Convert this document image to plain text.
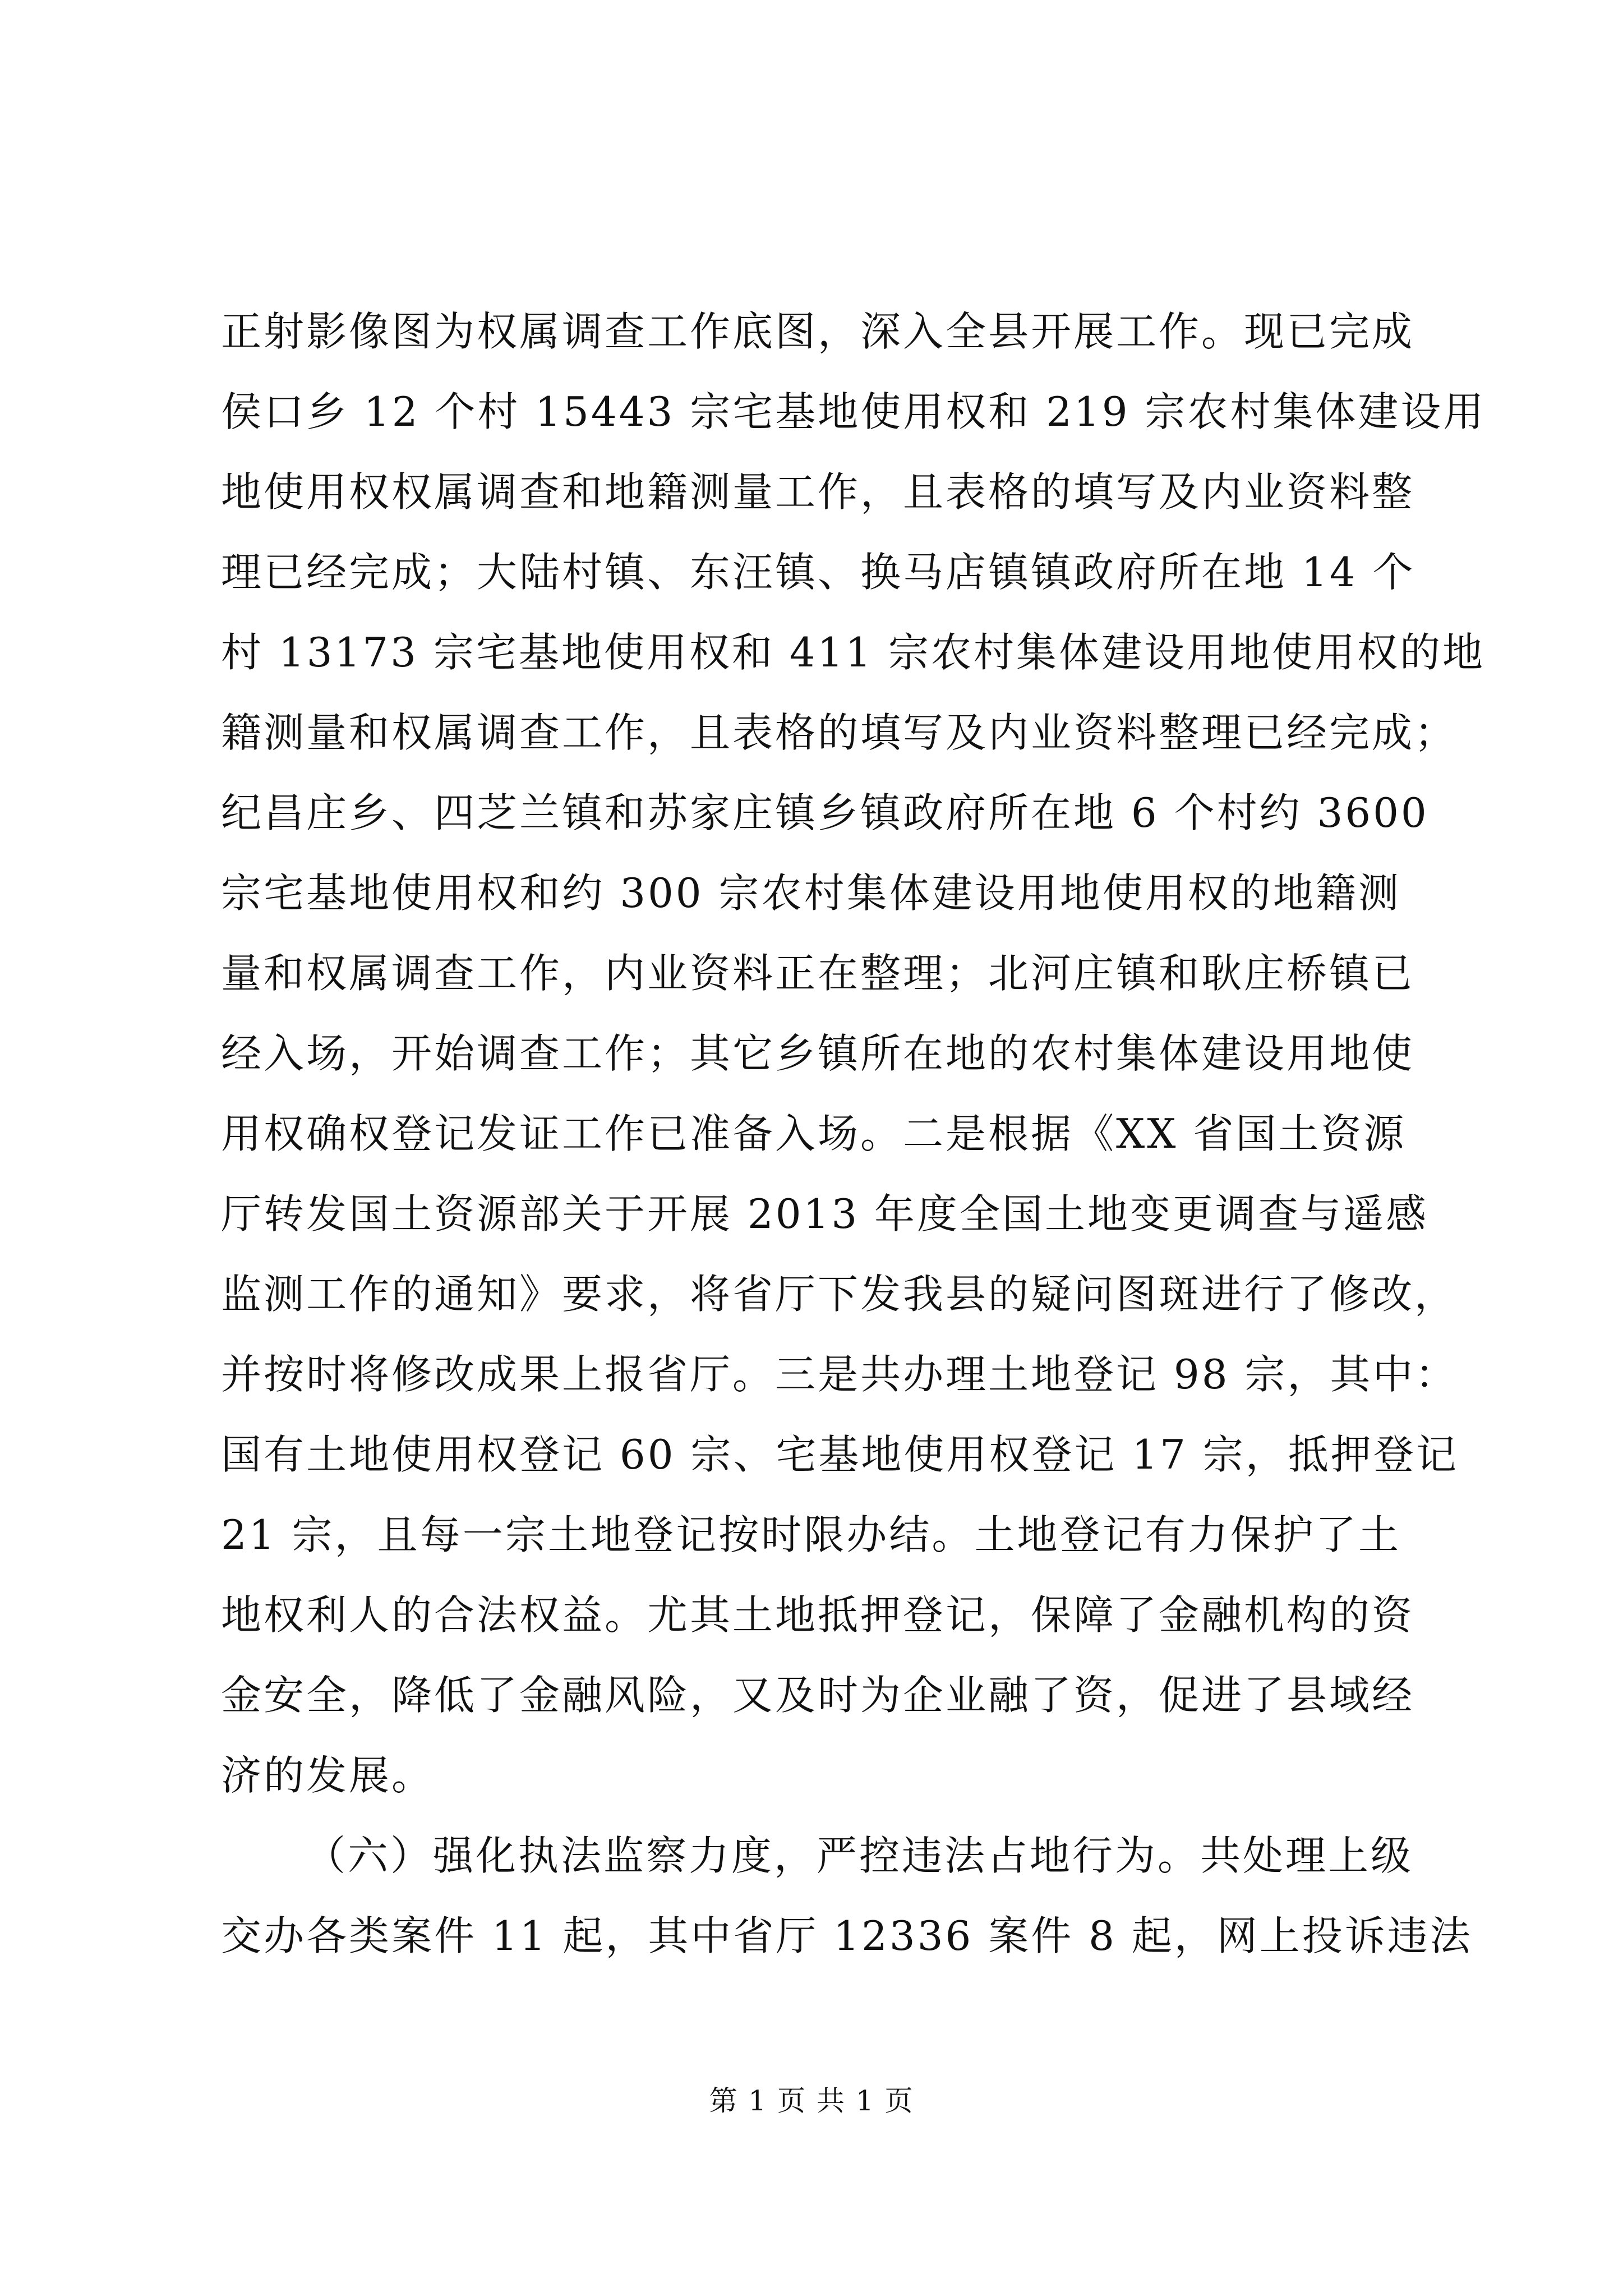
正射影像图为权属调查工作底图，深入全县开展工作。现已完成
侯口乡 12 个村 15443 宗宅基地使用权和 219 宗农村集体建设用
地使用权权属调查和地籍测量工作，且表格的填写及内业资料整
理已经完成；大陆村镇、东汪镇、换马店镇镇政府所在地 14 个
村 13173 宗宅基地使用权和 411 宗农村集体建设用地使用权的地
籍测量和权属调查工作，且表格的填写及内业资料整理已经完成；
纪昌庄乡、四芝兰镇和苏家庄镇乡镇政府所在地 6 个村约 3600
宗宅基地使用权和约 300 宗农村集体建设用地使用权的地籍测
量和权属调查工作，内业资料正在整理；北河庄镇和耿庄桥镇已
经入场，开始调查工作；其它乡镇所在地的农村集体建设用地使
用权确权登记发证工作已准备入场。二是根据《XX 省国土资源
厅转发国土资源部关于开展 2013 年度全国土地变更调查与遥感
监测工作的通知》要求，将省厅下发我县的疑问图斑进行了修改，
并按时将修改成果上报省厅。三是共办理土地登记 98 宗，其中：
国有土地使用权登记 60 宗、宅基地使用权登记 17 宗，抵押登记
21 宗，且每一宗土地登记按时限办结。土地登记有力保护了土
地权利人的合法权益。尤其土地抵押登记，保障了金融机构的资
金安全，降低了金融风险，又及时为企业融了资，促进了县域经
济的发展。
（六）强化执法监察力度，严控违法占地行为。共处理上级
交办各类案件 11 起，其中省厅 12336 案件 8 起，网上投诉违法
第 1 页 共 1 页
